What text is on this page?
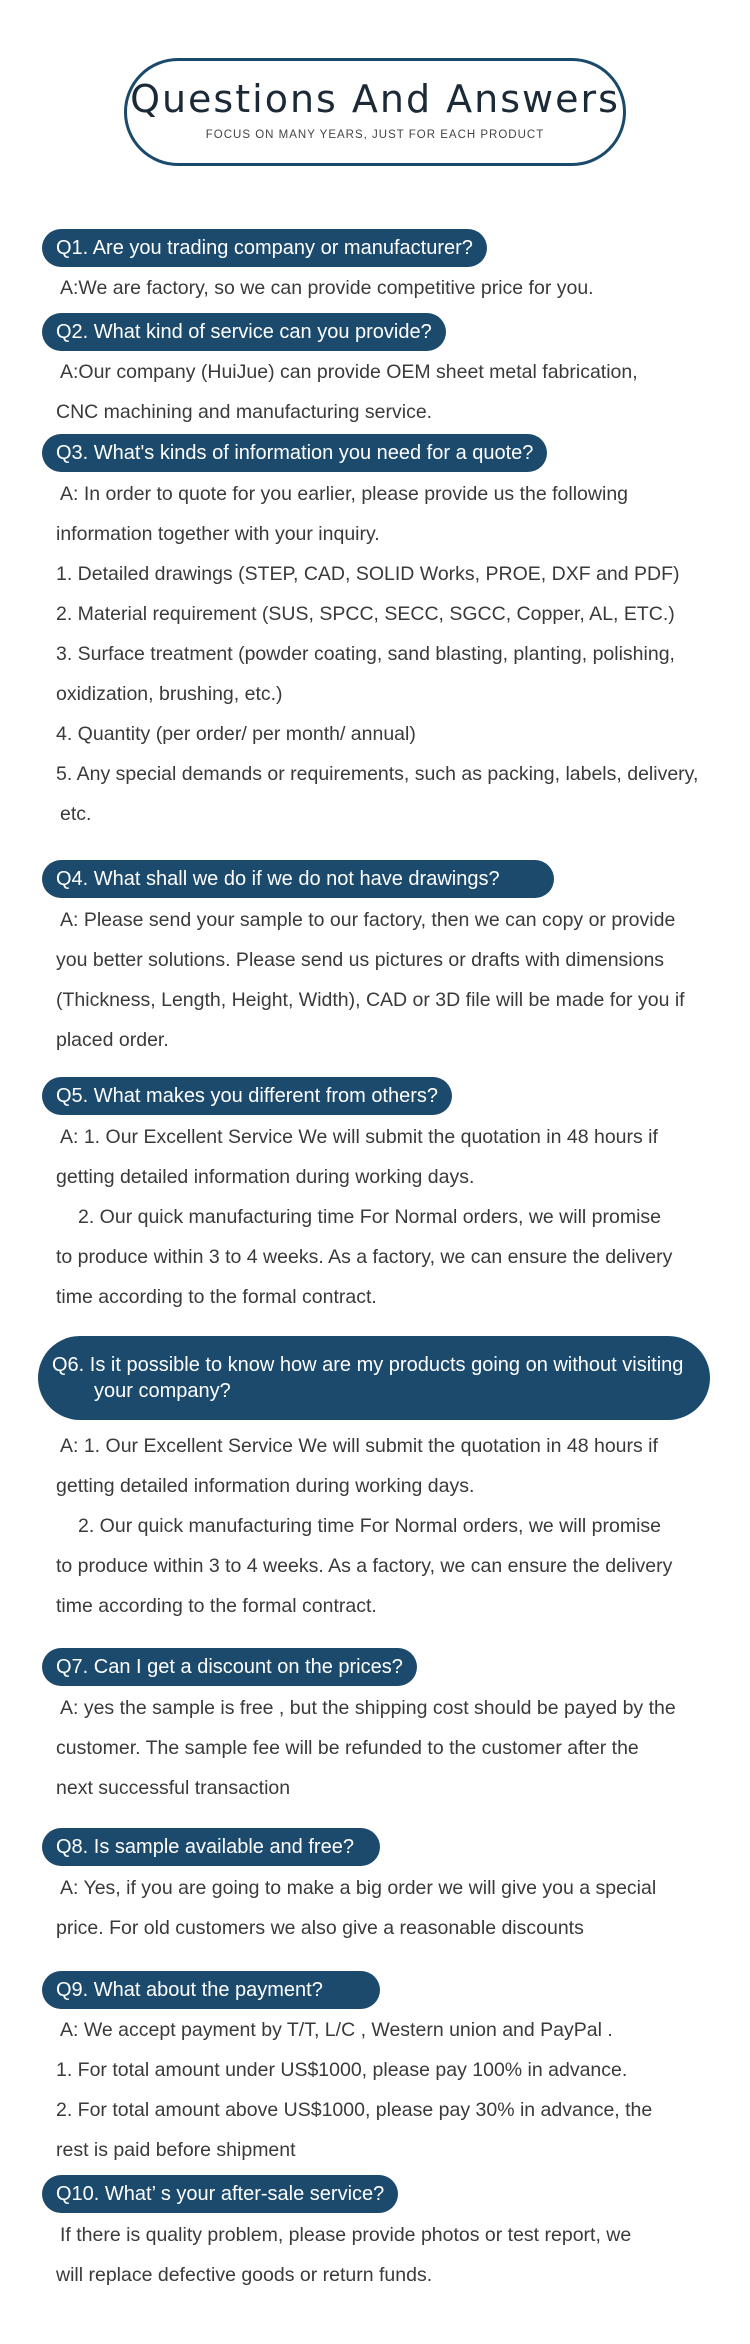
Questions And Answers
FOCUS ON MANY YEARS, JUST FOR EACH PRODUCT
Q1. Are you trading company or manufacturer?

A:We are factory, so we can provide competitive price for you.

Q2. What kind of service can you provide?

A:Our company (HuiJue) can provide OEM sheet metal fabrication,

CNC machining and manufacturing service.

Q3. What's kinds of information you need for a quote?

A: In order to quote for you earlier, please provide us the following

information together with your inquiry.

1. Detailed drawings (STEP, CAD, SOLID Works, PROE, DXF and PDF)

2. Material requirement (SUS, SPCC, SECC, SGCC, Copper, AL, ETC.)

3. Surface treatment (powder coating, sand blasting, planting, polishing,

oxidization, brushing, etc.)

4. Quantity (per order/ per month/ annual)

5. Any special demands or requirements, such as packing, labels, delivery,

etc.

Q4. What shall we do if we do not have drawings?

A: Please send your sample to our factory, then we can copy or provide

you better solutions. Please send us pictures or drafts with dimensions

(Thickness, Length, Height, Width), CAD or 3D file will be made for you if

placed order.

Q5. What makes you different from others?

A: 1. Our Excellent Service We will submit the quotation in 48 hours if

getting detailed information during working days.

2. Our quick manufacturing time For Normal orders, we will promise

to produce within 3 to 4 weeks. As a factory, we can ensure the delivery

time according to the formal contract.

Q6. Is it possible to know how are my products going on without visiting
your company?

A: 1. Our Excellent Service We will submit the quotation in 48 hours if

getting detailed information during working days.

2. Our quick manufacturing time For Normal orders, we will promise

to produce within 3 to 4 weeks. As a factory, we can ensure the delivery

time according to the formal contract.

Q7. Can I get a discount on the prices?

A: yes the sample is free , but the shipping cost should be payed by the

customer. The sample fee will be refunded to the customer after the

next successful transaction

Q8. Is sample available and free?

A: Yes, if you are going to make a big order we will give you a special

price. For old customers we also give a reasonable discounts

Q9. What about the payment?

A: We accept payment by T/T, L/C , Western union and PayPal .

1. For total amount under US$1000, please pay 100% in advance.

2. For total amount above US$1000, please pay 30% in advance, the

rest is paid before shipment

Q10. What’ s your after-sale service?

If there is quality problem, please provide photos or test report, we

will replace defective goods or return funds.
